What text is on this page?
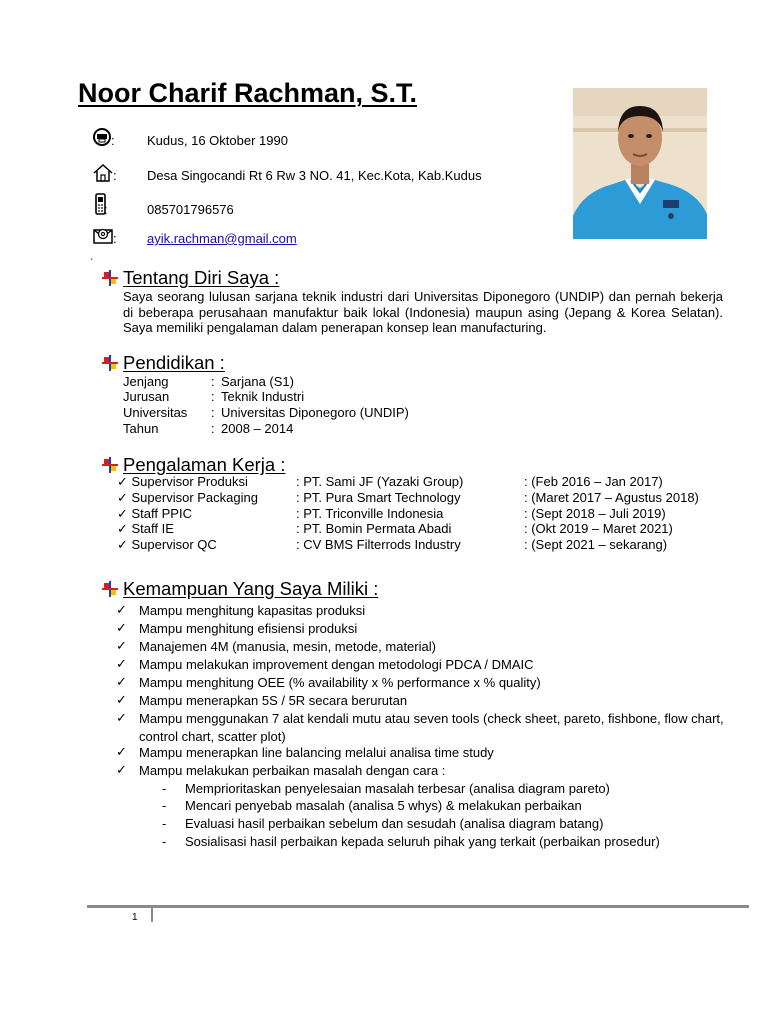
Noor Charif Rachman, S.T.
: Kudus, 16 Oktober 1990
: Desa Singocandi Rt 6 Rw 3 NO. 41, Kec.Kota, Kab.Kudus
:	085701796576
: ayik.rachman@gmail.com
`
Tentang Diri Saya :

Saya seorang lulusan sarjana teknik industri dari Universitas Diponegoro (UNDIP) dan pernah bekerja di beberapa perusahaan manufaktur baik lokal (Indonesia) maupun asing (Jepang & Korea Selatan). Saya memiliki pengalaman dalam penerapan konsep lean manufacturing.

Pendidikan :
Jenjang	: Sarjana (S1)
Jurusan	: Teknik Industri
Universitas : Universitas Diponegoro (UNDIP)
Tahun	: 2008 – 2014
Pengalaman Kerja :
✓ Supervisor Produksi	: PT. Sami JF (Yazaki Group)	: (Feb 2016 – Jan 2017)
✓ Supervisor Packaging	: PT. Pura Smart Technology	: (Maret 2017 – Agustus 2018)
✓ Staff PPIC	: PT. Triconville Indonesia	: (Sept 2018 – Juli 2019)
✓ Staff IE	: PT. Bomin Permata Abadi	: (Okt 2019 – Maret 2021)
✓ Supervisor QC	: CV BMS Filterrods Industry	: (Sept 2021 – sekarang)
Kemampuan Yang Saya Miliki :
✓ Mampu menghitung kapasitas produksi
✓ Mampu menghitung efisiensi produksi
✓ Manajemen 4M (manusia, mesin, metode, material)
✓ Mampu melakukan improvement dengan metodologi PDCA / DMAIC
✓ Mampu menghitung OEE (% availability x % performance x % quality)
✓ Mampu menerapkan 5S / 5R secara berurutan
✓ Mampu menggunakan 7 alat kendali mutu atau seven tools (check sheet, pareto, fishbone, flow chart, control chart, scatter plot)
✓ Mampu menerapkan line balancing melalui analisa time study
✓ Mampu melakukan perbaikan masalah dengan cara :
- Memprioritaskan penyelesaian masalah terbesar (analisa diagram pareto)
- Mencari penyebab masalah (analisa 5 whys) & melakukan perbaikan
- Evaluasi hasil perbaikan sebelum dan sesudah (analisa diagram batang)
- Sosialisasi hasil perbaikan kepada seluruh pihak yang terkait (perbaikan prosedur)
1
